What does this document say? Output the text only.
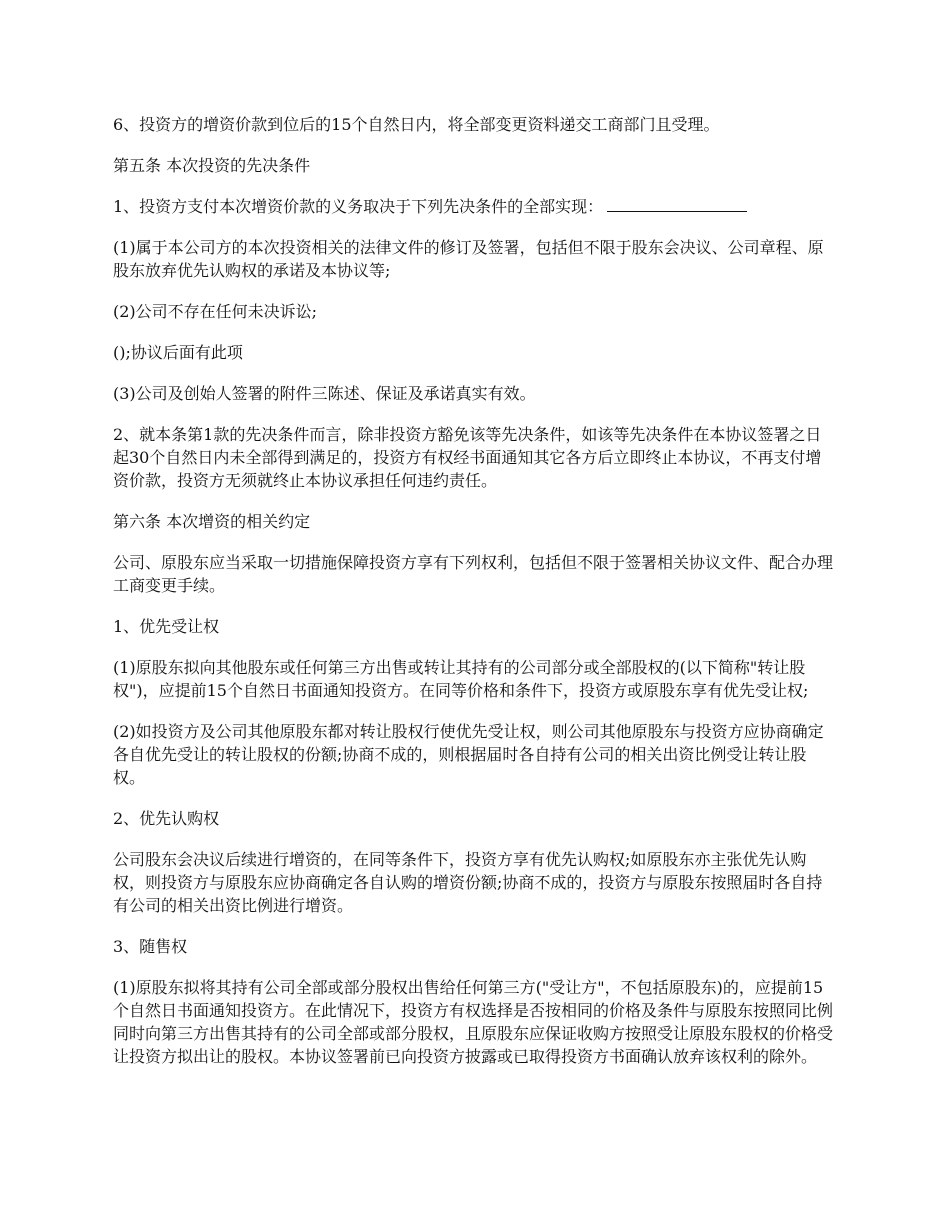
6、投资方的增资价款到位后的15个自然日内，将全部变更资料递交工商部门且受理。

第五条 本次投资的先决条件

1、投资方支付本次增资价款的义务取决于下列先决条件的全部实现：

(1)属于本公司方的本次投资相关的法律文件的修订及签署，包括但不限于股东会决议、公司章程、原股东放弃优先认购权的承诺及本协议等;

(2)公司不存在任何未决诉讼;

();协议后面有此项

(3)公司及创始人签署的附件三陈述、保证及承诺真实有效。

2、就本条第1款的先决条件而言，除非投资方豁免该等先决条件，如该等先决条件在本协议签署之日起30个自然日内未全部得到满足的，投资方有权经书面通知其它各方后立即终止本协议，不再支付增资价款，投资方无须就终止本协议承担任何违约责任。

第六条 本次增资的相关约定

公司、原股东应当采取一切措施保障投资方享有下列权利，包括但不限于签署相关协议文件、配合办理工商变更手续。

1、优先受让权

(1)原股东拟向其他股东或任何第三方出售或转让其持有的公司部分或全部股权的(以下简称"转让股权")，应提前15个自然日书面通知投资方。在同等价格和条件下，投资方或原股东享有优先受让权;

(2)如投资方及公司其他原股东都对转让股权行使优先受让权，则公司其他原股东与投资方应协商确定各自优先受让的转让股权的份额;协商不成的，则根据届时各自持有公司的相关出资比例受让转让股权。

2、优先认购权

公司股东会决议后续进行增资的，在同等条件下，投资方享有优先认购权;如原股东亦主张优先认购权，则投资方与原股东应协商确定各自认购的增资份额;协商不成的，投资方与原股东按照届时各自持有公司的相关出资比例进行增资。

3、随售权

(1)原股东拟将其持有公司全部或部分股权出售给任何第三方("受让方"，不包括原股东)的，应提前15个自然日书面通知投资方。在此情况下，投资方有权选择是否按相同的价格及条件与原股东按照同比例同时向第三方出售其持有的公司全部或部分股权，且原股东应保证收购方按照受让原股东股权的价格受让投资方拟出让的股权。本协议签署前已向投资方披露或已取得投资方书面确认放弃该权利的除外。
